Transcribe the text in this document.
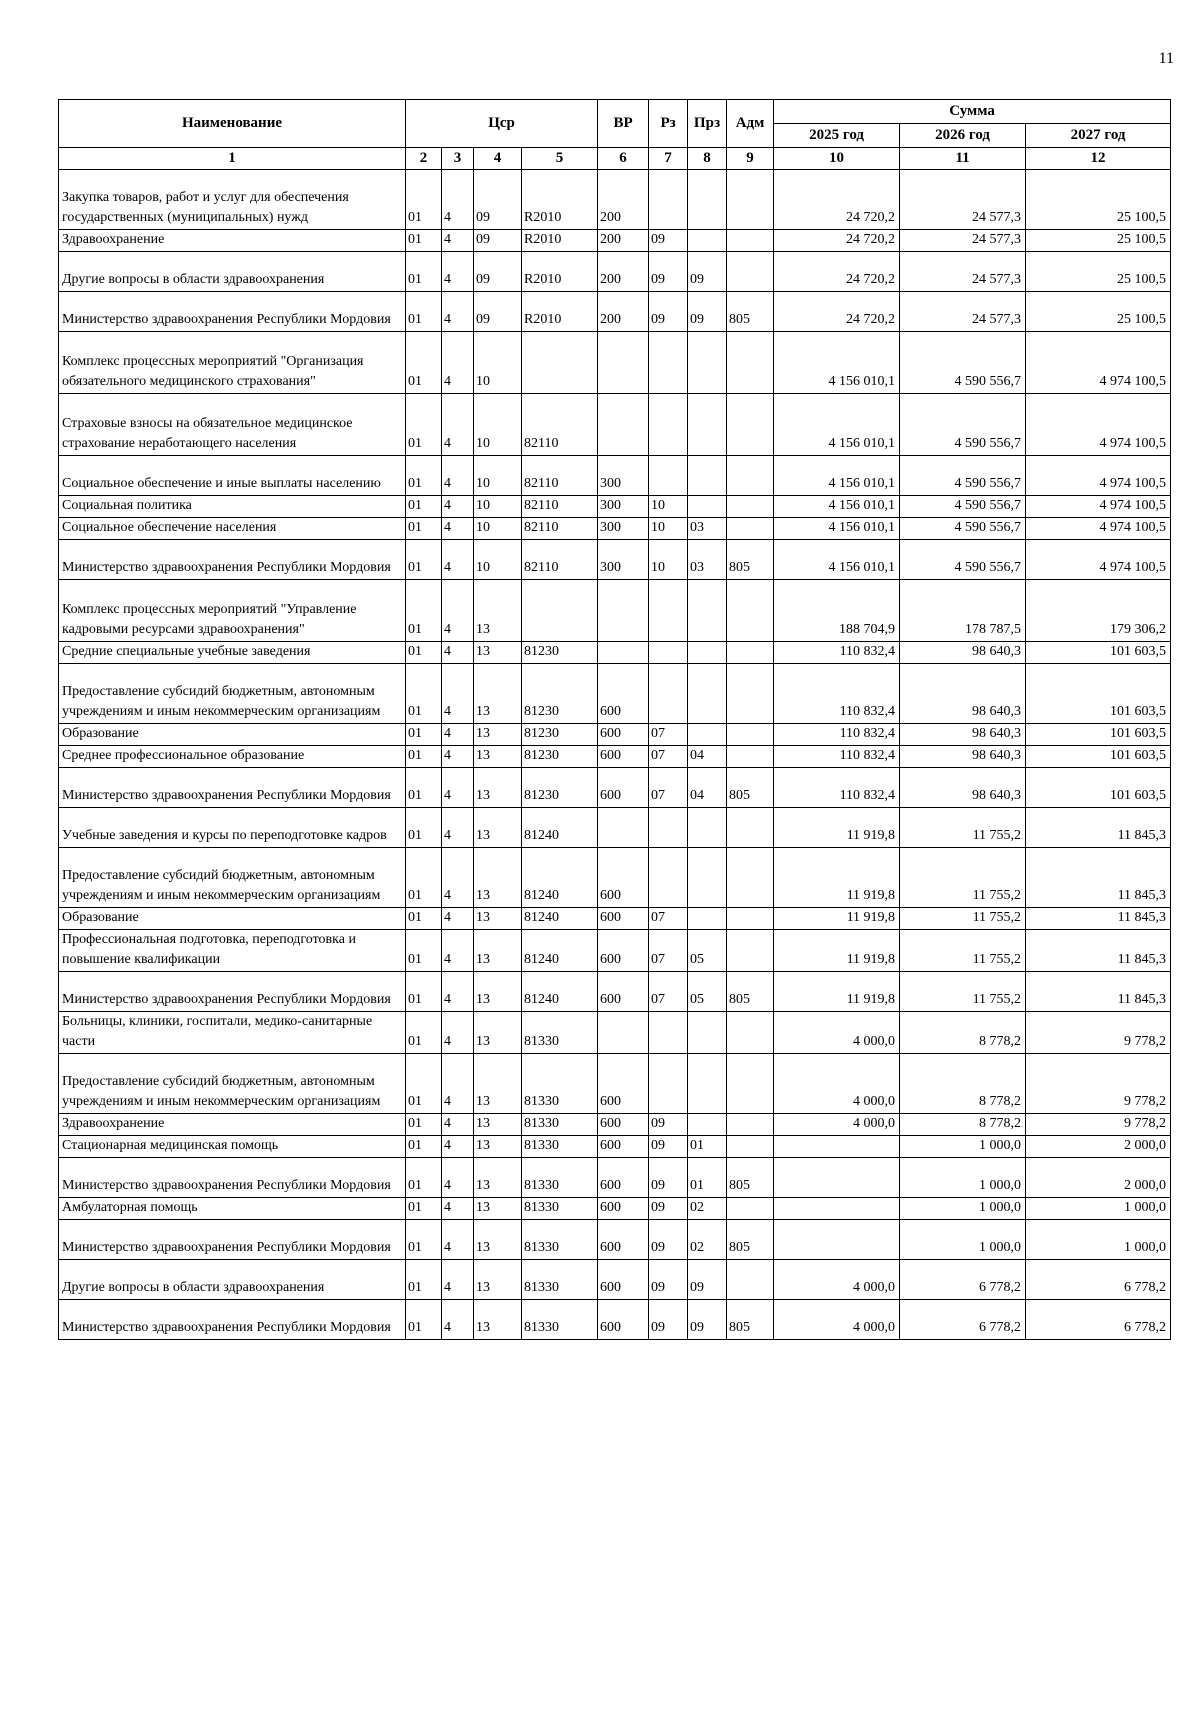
11
Наименование	Цср				ВР	Рз	Прз	Адм	Сумма		
									2025 год	2026 год	2027 год
1	2	3	4	5	6	7	8	9	10	11	12
Закупка товаров, работ и услуг для обеспечения государственных (муниципальных) нужд	01	4	09	R2010	200				24 720,2	24 577,3	25 100,5
Здравоохранение	01	4	09	R2010	200	09			24 720,2	24 577,3	25 100,5
Другие вопросы в области здравоохранения	01	4	09	R2010	200	09	09		24 720,2	24 577,3	25 100,5
Министерство здравоохранения Республики Мордовия	01	4	09	R2010	200	09	09	805	24 720,2	24 577,3	25 100,5
Комплекс процессных мероприятий "Организация обязательного медицинского страхования"	01	4	10						4 156 010,1	4 590 556,7	4 974 100,5
Страховые взносы на обязательное медицинское страхование неработающего населения	01	4	10	82110					4 156 010,1	4 590 556,7	4 974 100,5
Социальное обеспечение и иные выплаты населению	01	4	10	82110	300				4 156 010,1	4 590 556,7	4 974 100,5
Социальная политика	01	4	10	82110	300	10			4 156 010,1	4 590 556,7	4 974 100,5
Социальное обеспечение населения	01	4	10	82110	300	10	03		4 156 010,1	4 590 556,7	4 974 100,5
Министерство здравоохранения Республики Мордовия	01	4	10	82110	300	10	03	805	4 156 010,1	4 590 556,7	4 974 100,5
Комплекс процессных мероприятий "Управление кадровыми ресурсами здравоохранения"	01	4	13						188 704,9	178 787,5	179 306,2
Средние специальные учебные заведения	01	4	13	81230					110 832,4	98 640,3	101 603,5
Предоставление субсидий бюджетным, автономным учреждениям и иным некоммерческим организациям	01	4	13	81230	600				110 832,4	98 640,3	101 603,5
Образование	01	4	13	81230	600	07			110 832,4	98 640,3	101 603,5
Среднее профессиональное образование	01	4	13	81230	600	07	04		110 832,4	98 640,3	101 603,5
Министерство здравоохранения Республики Мордовия	01	4	13	81230	600	07	04	805	110 832,4	98 640,3	101 603,5
Учебные заведения и курсы по переподготовке кадров	01	4	13	81240					11 919,8	11 755,2	11 845,3
Предоставление субсидий бюджетным, автономным учреждениям и иным некоммерческим организациям	01	4	13	81240	600				11 919,8	11 755,2	11 845,3
Образование	01	4	13	81240	600	07			11 919,8	11 755,2	11 845,3
Профессиональная подготовка, переподготовка и повышение квалификации	01	4	13	81240	600	07	05		11 919,8	11 755,2	11 845,3
Министерство здравоохранения Республики Мордовия	01	4	13	81240	600	07	05	805	11 919,8	11 755,2	11 845,3
Больницы, клиники, госпитали, медико-санитарные части	01	4	13	81330					4 000,0	8 778,2	9 778,2
Предоставление субсидий бюджетным, автономным учреждениям и иным некоммерческим организациям	01	4	13	81330	600				4 000,0	8 778,2	9 778,2
Здравоохранение	01	4	13	81330	600	09			4 000,0	8 778,2	9 778,2
Стационарная медицинская помощь	01	4	13	81330	600	09	01			1 000,0	2 000,0
Министерство здравоохранения Республики Мордовия	01	4	13	81330	600	09	01	805		1 000,0	2 000,0
Амбулаторная помощь	01	4	13	81330	600	09	02			1 000,0	1 000,0
Министерство здравоохранения Республики Мордовия	01	4	13	81330	600	09	02	805		1 000,0	1 000,0
Другие вопросы в области здравоохранения	01	4	13	81330	600	09	09		4 000,0	6 778,2	6 778,2
Министерство здравоохранения Республики Мордовия	01	4	13	81330	600	09	09	805	4 000,0	6 778,2	6 778,2
